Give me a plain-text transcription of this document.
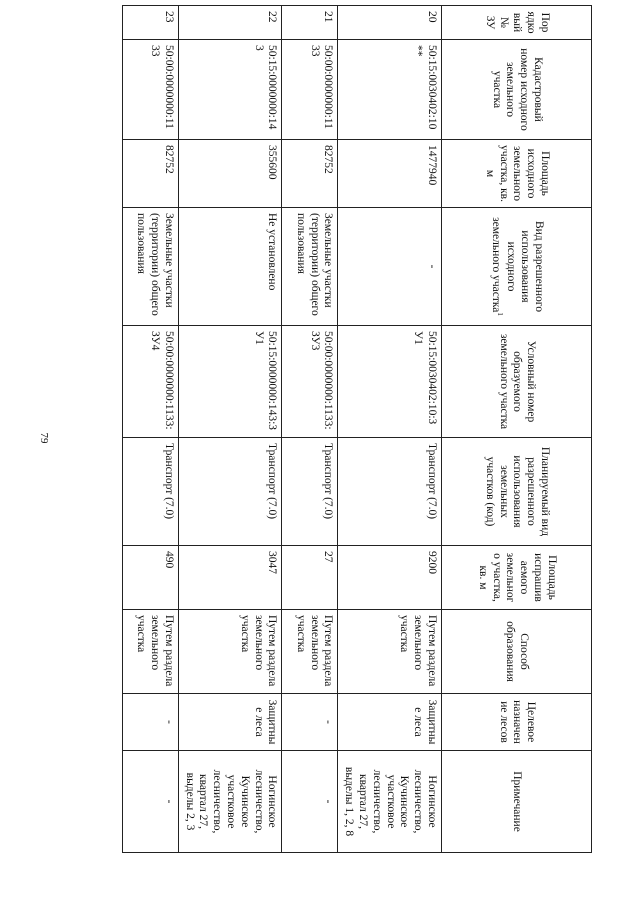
79
Порядковый № ЗУ	Кадастровый номер исходного земельного участка	Площадь исходного земельного участка, кв. м	Вид разрешенного использования исходного земельного участка$^1$	Условный номер образуемого земельного участка	Планируемый вид разрешенного использования земельных участков (код)	Площадь испрашиваемого земельного участка, кв. м	Способ образования	Целевое назначение лесов	Примечание
20	50:15:0030402:10**	1477940	-	50:15:0030402:10:ЗУ1	Транспорт (7.0)	9200	Путем раздела земельного участка	Защитные леса	Ногинское лесничество, Кучинское участковое лесничество, квартал 27, выделы 1, 2, 8
21	50:00:0000000:1133	82752	Земельные участки (территории) общего пользования	50:00:0000000:1133:ЗУ3	Транспорт (7.0)	27	Путем раздела земельного участка	-	-
22	50:15:0000000:143	355600	Не установлено	50:15:0000000:143:ЗУ1	Транспорт (7.0)	3047	Путем раздела земельного участка	Защитные леса	Ногинское лесничество, Кучинское участковое лесничество, квартал 27, выделы 2, 3
23	50:00:0000000:1133	82752	Земельные участки (территории) общего пользования	50:00:0000000:1133:ЗУ4	Транспорт (7.0)	490	Путем раздела земельного участка	-	-
